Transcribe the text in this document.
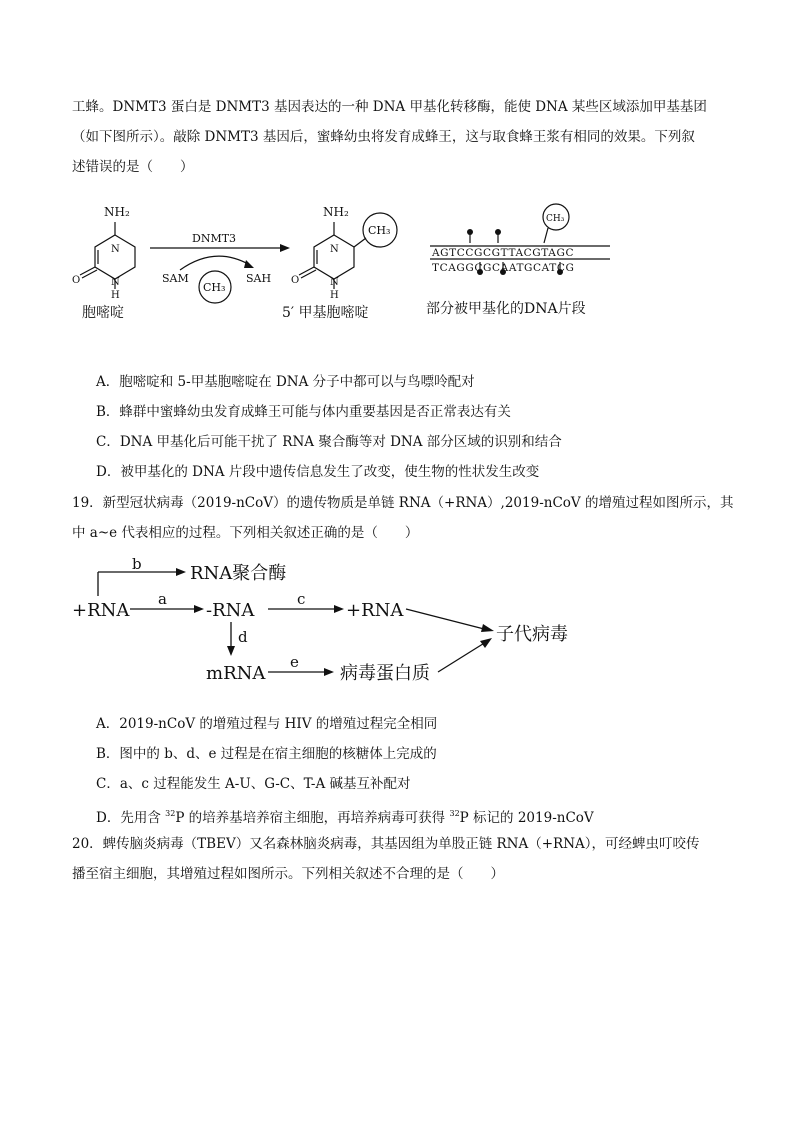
工蜂。DNMT3 蛋白是 DNMT3 基因表达的一种 DNA 甲基化转移酶，能使 DNA 某些区域添加甲基基团
（如下图所示）。敲除 DNMT3 基因后，蜜蜂幼虫将发育成蜂王，这与取食蜂王浆有相同的效果。下列叙
述错误的是（　　）
NH₂
N
N
H
O
DNMT3
SAM	SAH
CH₃
NH₂
N
N
H
O
CH₃
CH₃
AGTCCGCGTTACGTAGC
TCAGGCGCAATGCATCG
胞嘧啶	5′ 甲基胞嘧啶	部分被甲基化的DNA片段
A．胞嘧啶和 5-甲基胞嘧啶在 DNA 分子中都可以与鸟嘌呤配对
B．蜂群中蜜蜂幼虫发育成蜂王可能与体内重要基因是否正常表达有关
C．DNA 甲基化后可能干扰了 RNA 聚合酶等对 DNA 部分区域的识别和结合
D．被甲基化的 DNA 片段中遗传信息发生了改变，使生物的性状发生改变
19．新型冠状病毒（2019-nCoV）的遗传物质是单链 RNA（+RNA）,2019-nCoV 的增殖过程如图所示，其
中 a~e 代表相应的过程。下列相关叙述正确的是（　　）
b	RNA聚合酶
+RNA
a
-RNA
c
+RNA
d	子代病毒
mRNA
e
病毒蛋白质
A．2019-nCoV 的增殖过程与 HIV 的增殖过程完全相同
B．图中的 b、d、e 过程是在宿主细胞的核糖体上完成的
C．a、c 过程能发生 A-U、G-C、T-A 碱基互补配对
D．先用含 $^{32}$P 的培养基培养宿主细胞，再培养病毒可获得 $^{32}$P 标记的 2019-nCoV
20．蜱传脑炎病毒（TBEV）又名森林脑炎病毒，其基因组为单股正链 RNA（+RNA），可经蜱虫叮咬传
播至宿主细胞，其增殖过程如图所示。下列相关叙述不合理的是（　　）
